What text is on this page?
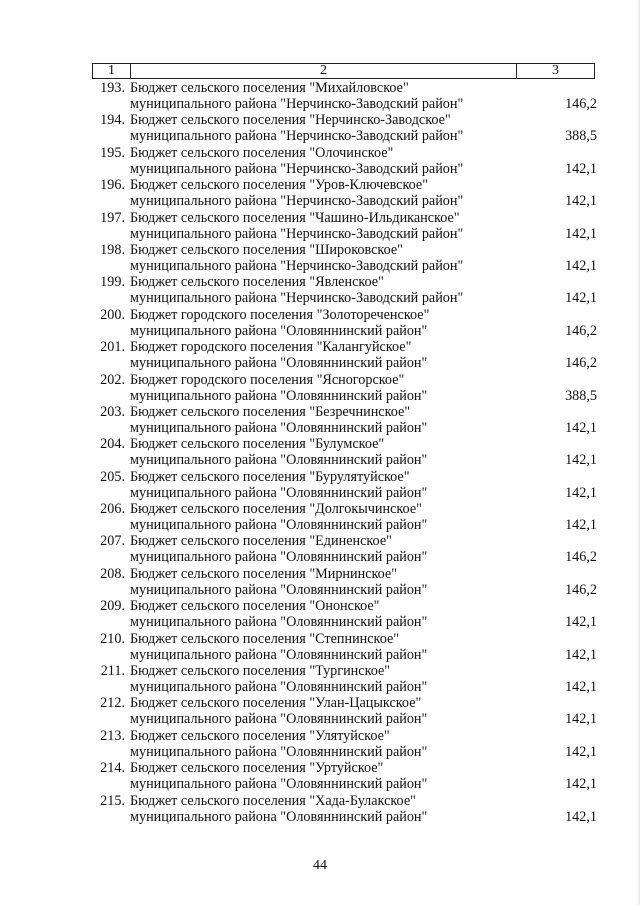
1	2	3
193. Бюджет сельского поселения "Михайловское"
муниципального района "Нерчинско-Заводский район"	146,2
194. Бюджет сельского поселения "Нерчинско-Заводское"
муниципального района "Нерчинско-Заводский район"	388,5
195. Бюджет сельского поселения "Олочинское"
муниципального района "Нерчинско-Заводский район"	142,1
196. Бюджет сельского поселения "Уров-Ключевское"
муниципального района "Нерчинско-Заводский район"	142,1
197. Бюджет сельского поселения "Чашино-Ильдиканское"
муниципального района "Нерчинско-Заводский район"	142,1
198. Бюджет сельского поселения "Широковское"
муниципального района "Нерчинско-Заводский район"	142,1
199. Бюджет сельского поселения "Явленское"
муниципального района "Нерчинско-Заводский район"	142,1
200. Бюджет городского поселения "Золотореченское"
муниципального района "Оловяннинский район"	146,2
201. Бюджет городского поселения "Калангуйское"
муниципального района "Оловяннинский район"	146,2
202. Бюджет городского поселения "Ясногорское"
муниципального района "Оловяннинский район"	388,5
203. Бюджет сельского поселения "Безречнинское"
муниципального района "Оловяннинский район"	142,1
204. Бюджет сельского поселения "Булумское"
муниципального района "Оловяннинский район"	142,1
205. Бюджет сельского поселения "Бурулятуйское"
муниципального района "Оловяннинский район"	142,1
206. Бюджет сельского поселения "Долгокычинское"
муниципального района "Оловяннинский район"	142,1
207. Бюджет сельского поселения "Единенское"
муниципального района "Оловяннинский район"	146,2
208. Бюджет сельского поселения "Мирнинское"
муниципального района "Оловяннинский район"	146,2
209. Бюджет сельского поселения "Ононское"
муниципального района "Оловяннинский район"	142,1
210. Бюджет сельского поселения "Степнинское"
муниципального района "Оловяннинский район"	142,1
211. Бюджет сельского поселения "Тургинское"
муниципального района "Оловяннинский район"	142,1
212. Бюджет сельского поселения "Улан-Цацыкское"
муниципального района "Оловяннинский район"	142,1
213. Бюджет сельского поселения "Улятуйское"
муниципального района "Оловяннинский район"	142,1
214. Бюджет сельского поселения "Уртуйское"
муниципального района "Оловяннинский район"	142,1
215. Бюджет сельского поселения "Хада-Булакское"
муниципального района "Оловяннинский район"	142,1
44
